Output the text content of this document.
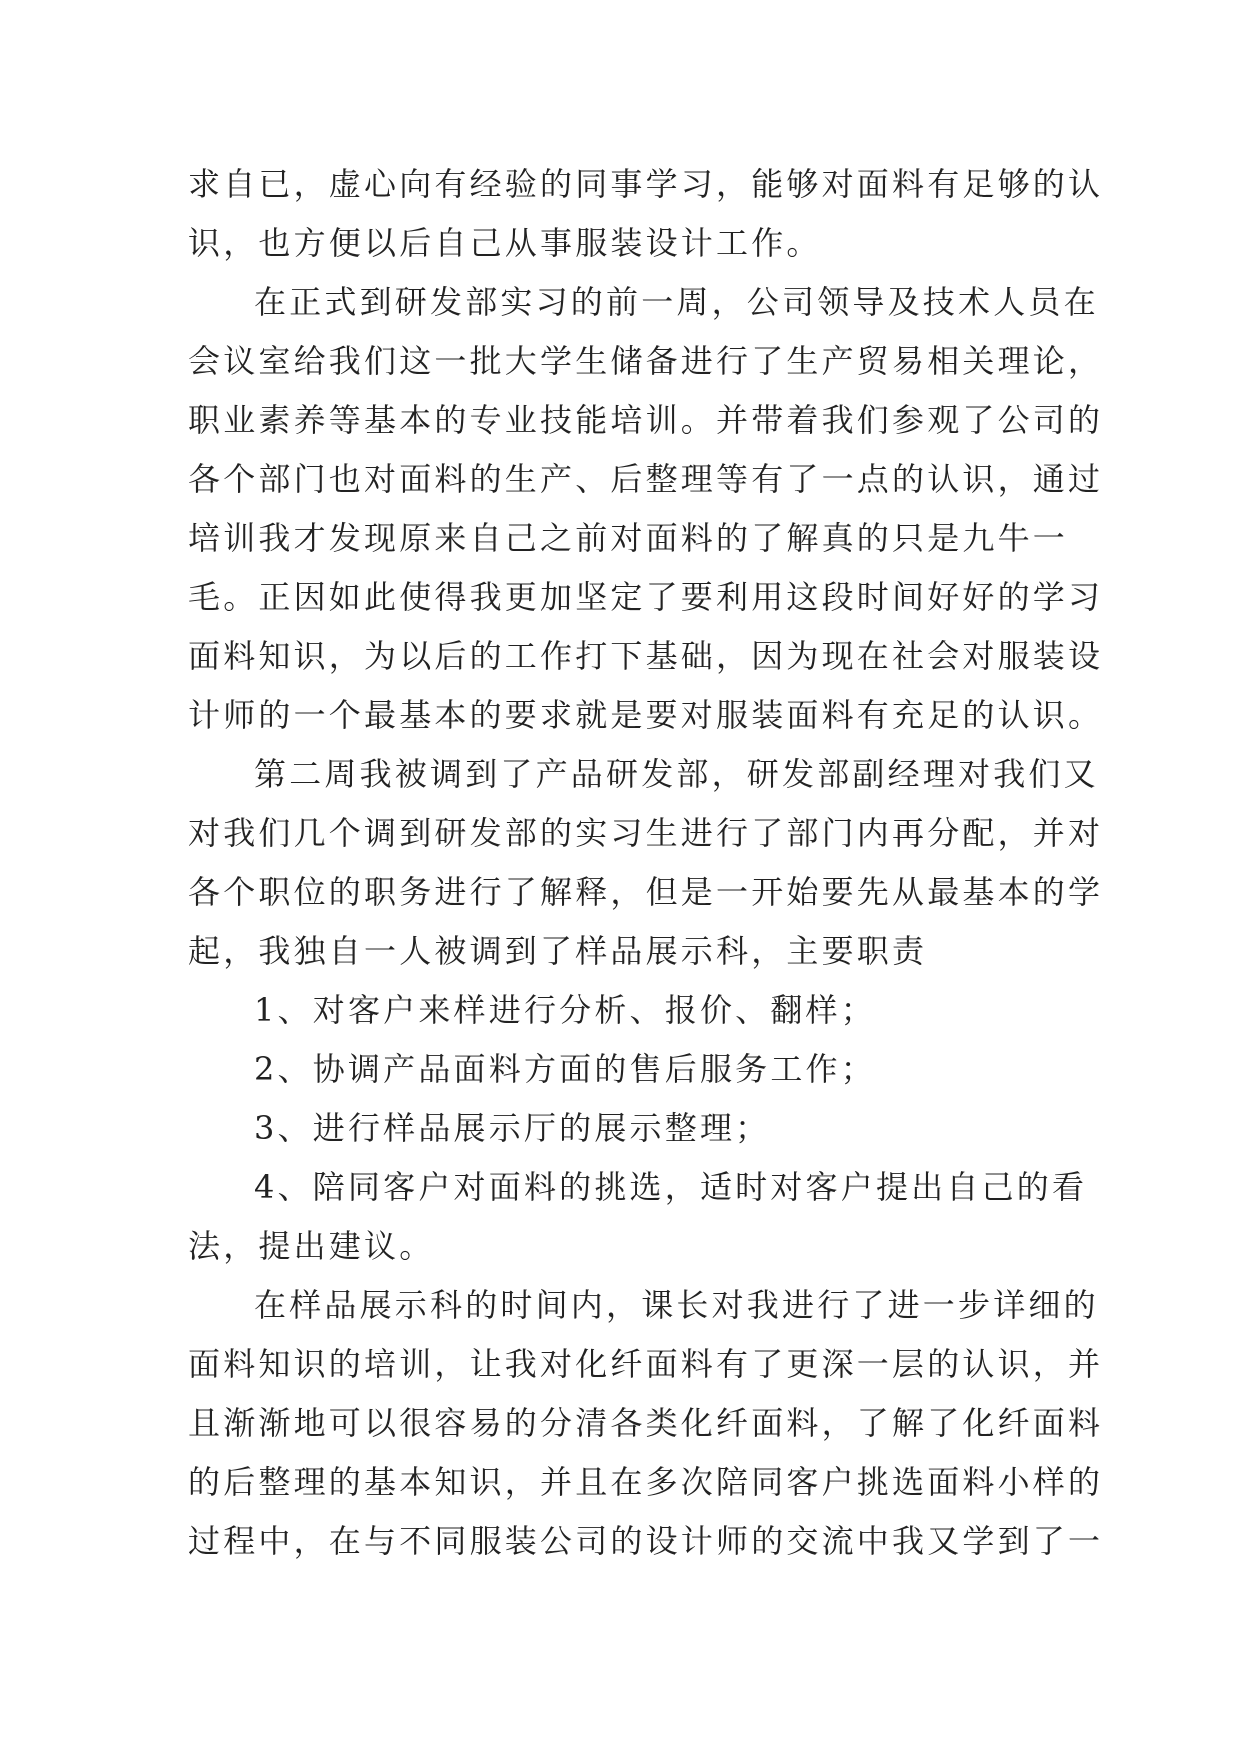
求自已，虚心向有经验的同事学习，能够对面料有足够的认
识，也方便以后自己从事服装设计工作。
在正式到研发部实习的前一周，公司领导及技术人员在
会议室给我们这一批大学生储备进行了生产贸易相关理论，
职业素养等基本的专业技能培训。并带着我们参观了公司的
各个部门也对面料的生产、后整理等有了一点的认识，通过
培训我才发现原来自己之前对面料的了解真的只是九牛一
毛。正因如此使得我更加坚定了要利用这段时间好好的学习
面料知识，为以后的工作打下基础，因为现在社会对服装设
计师的一个最基本的要求就是要对服装面料有充足的认识。
第二周我被调到了产品研发部，研发部副经理对我们又
对我们几个调到研发部的实习生进行了部门内再分配，并对
各个职位的职务进行了解释，但是一开始要先从最基本的学
起，我独自一人被调到了样品展示科，主要职责
1、对客户来样进行分析、报价、翻样；
2、协调产品面料方面的售后服务工作；
3、进行样品展示厅的展示整理；
4、陪同客户对面料的挑选，适时对客户提出自己的看
法，提出建议。
在样品展示科的时间内，课长对我进行了进一步详细的
面料知识的培训，让我对化纤面料有了更深一层的认识，并
且渐渐地可以很容易的分清各类化纤面料，了解了化纤面料
的后整理的基本知识，并且在多次陪同客户挑选面料小样的
过程中，在与不同服装公司的设计师的交流中我又学到了一
